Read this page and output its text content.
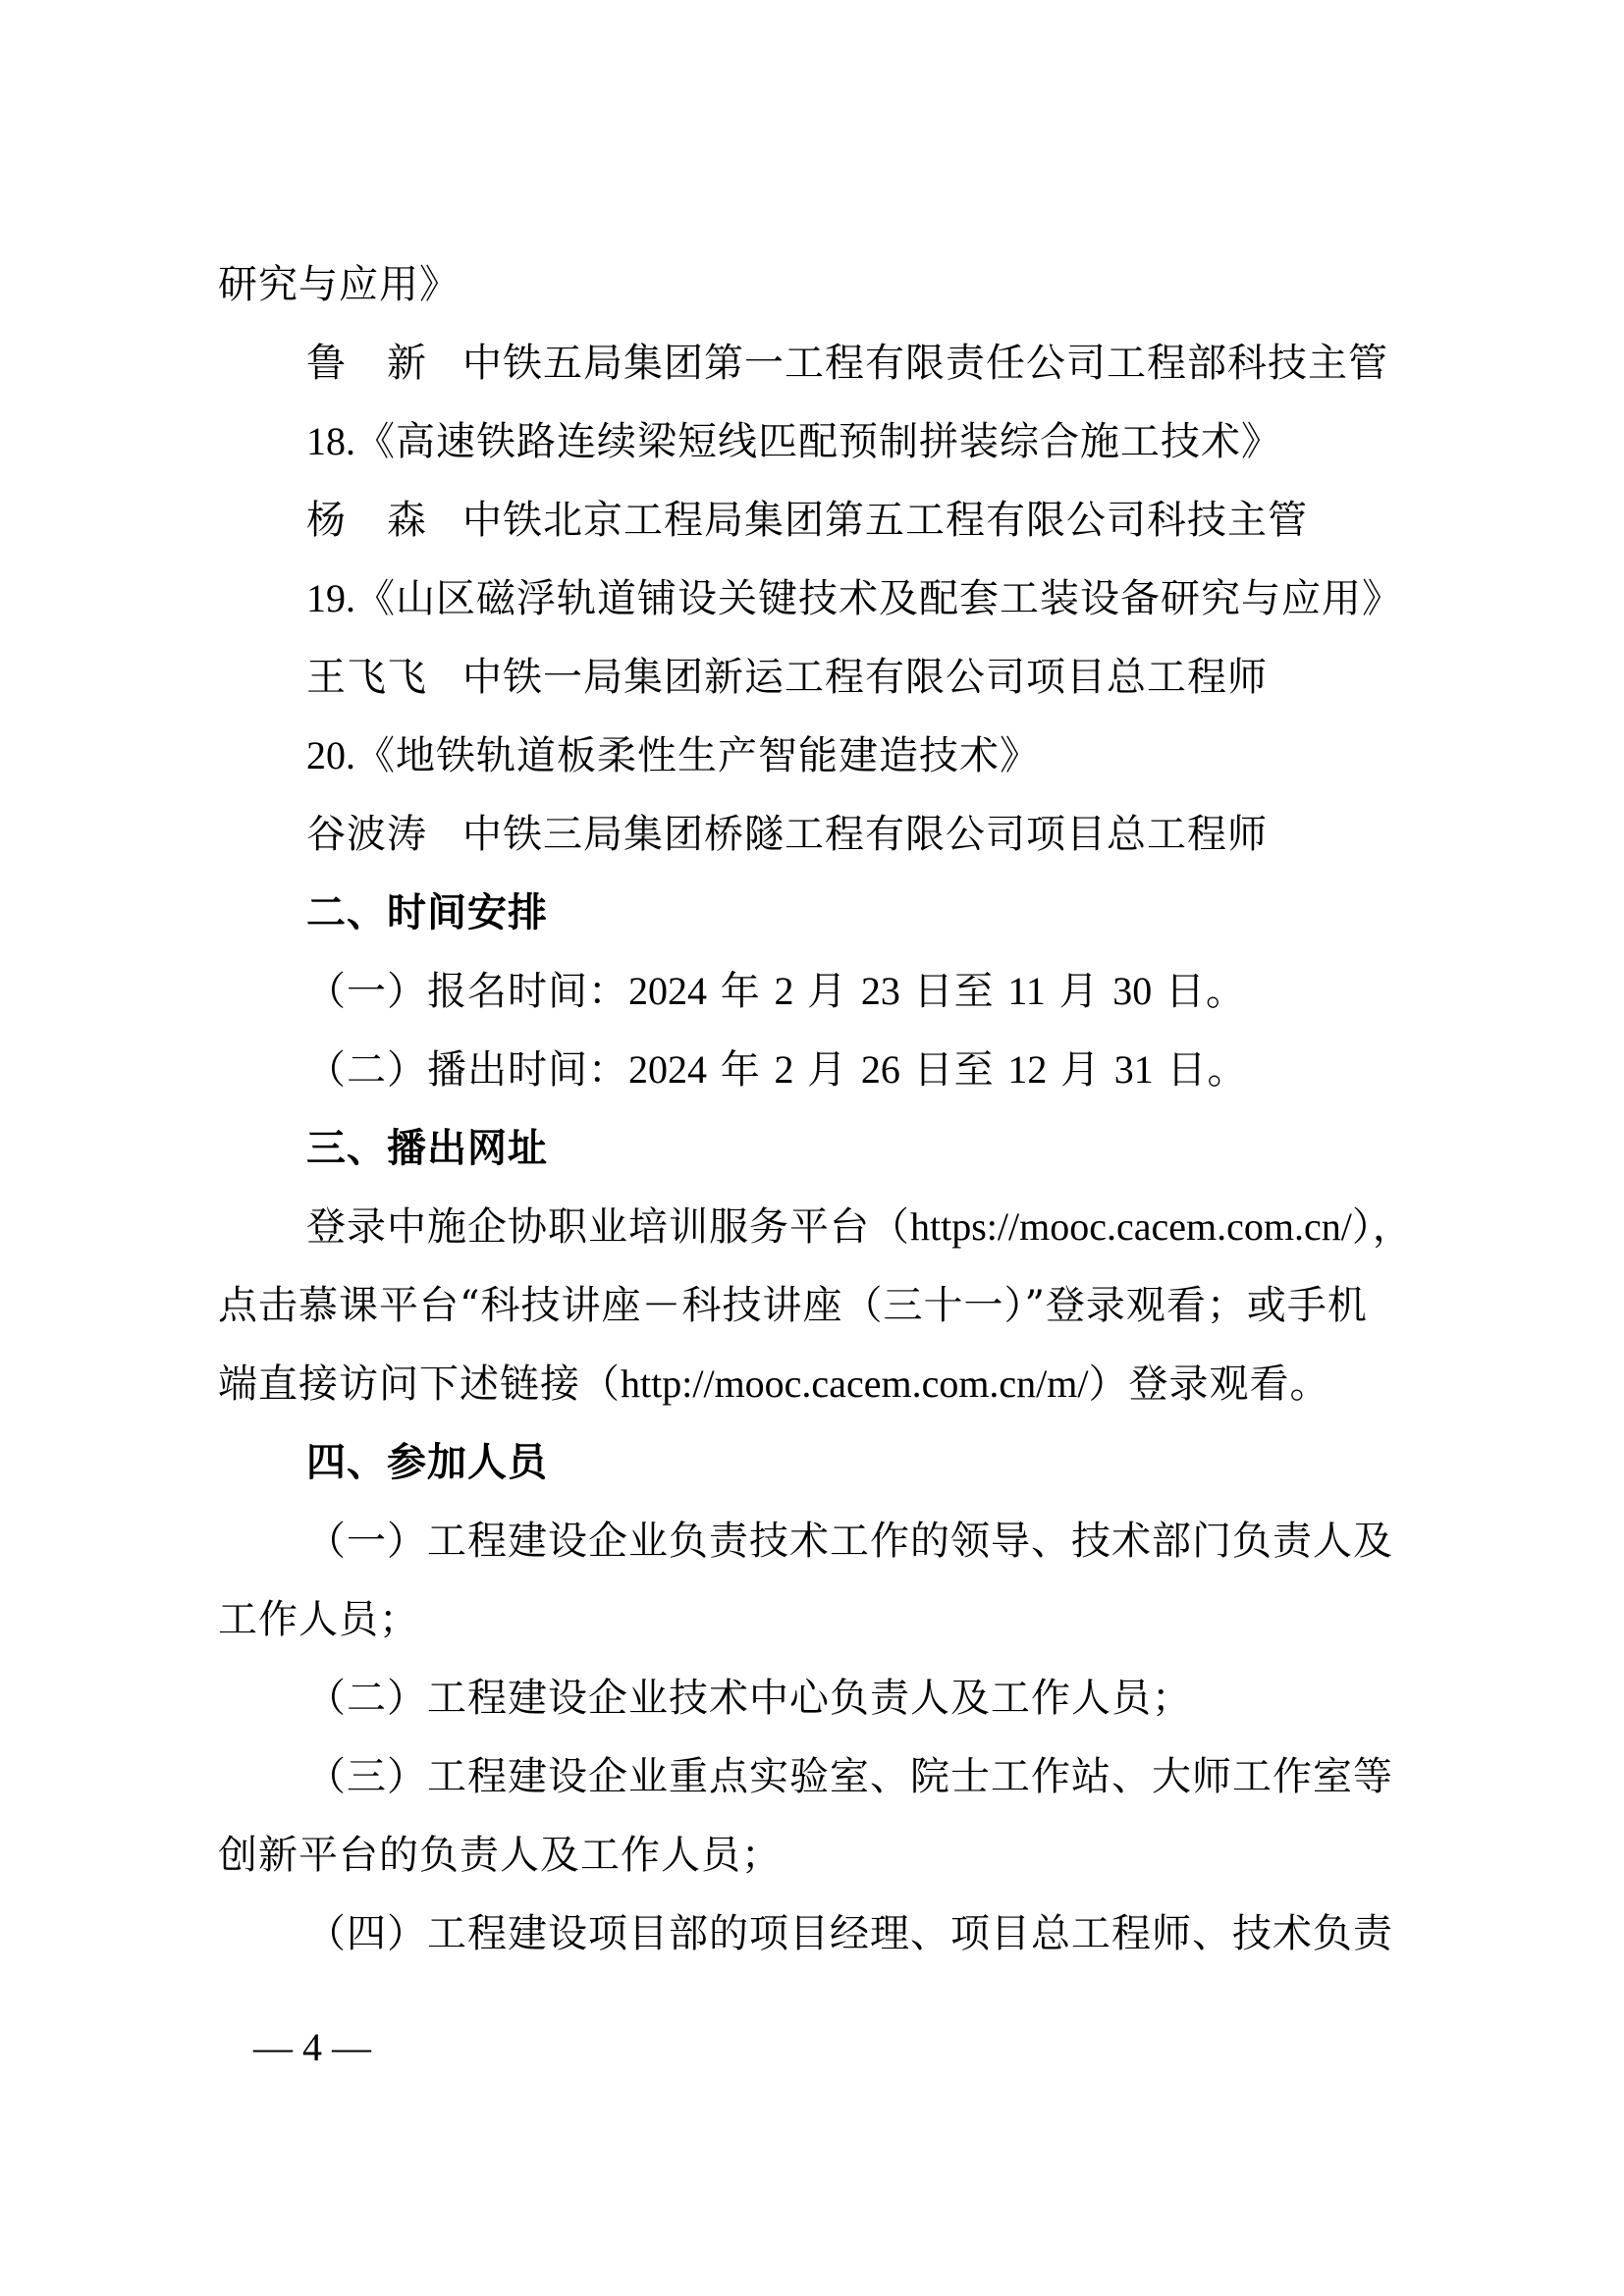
研究与应用》
鲁　新 中铁五局集团第一工程有限责任公司工程部科技主管
18.《高速铁路连续梁短线匹配预制拼装综合施工技术》
杨　森 中铁北京工程局集团第五工程有限公司科技主管
19.《山区磁浮轨道铺设关键技术及配套工装设备研究与应用》
王飞飞 中铁一局集团新运工程有限公司项目总工程师
20.《地铁轨道板柔性生产智能建造技术》
谷波涛 中铁三局集团桥隧工程有限公司项目总工程师
二、时间安排
（一）报名时间：2024 年 2 月 23 日至 11 月 30 日。
（二）播出时间：2024 年 2 月 26 日至 12 月 31 日。
三、播出网址
登录中施企协职业培训服务平台（https://mooc.cacem.com.cn/），
点击慕课平台“科技讲座－科技讲座（三十一）”登录观看；或手机
端直接访问下述链接（http://mooc.cacem.com.cn/m/）登录观看。
四、参加人员
（一）工程建设企业负责技术工作的领导、技术部门负责人及
工作人员；
（二）工程建设企业技术中心负责人及工作人员；
（三）工程建设企业重点实验室、院士工作站、大师工作室等
创新平台的负责人及工作人员；
（四）工程建设项目部的项目经理、项目总工程师、技术负责
— 4 —
